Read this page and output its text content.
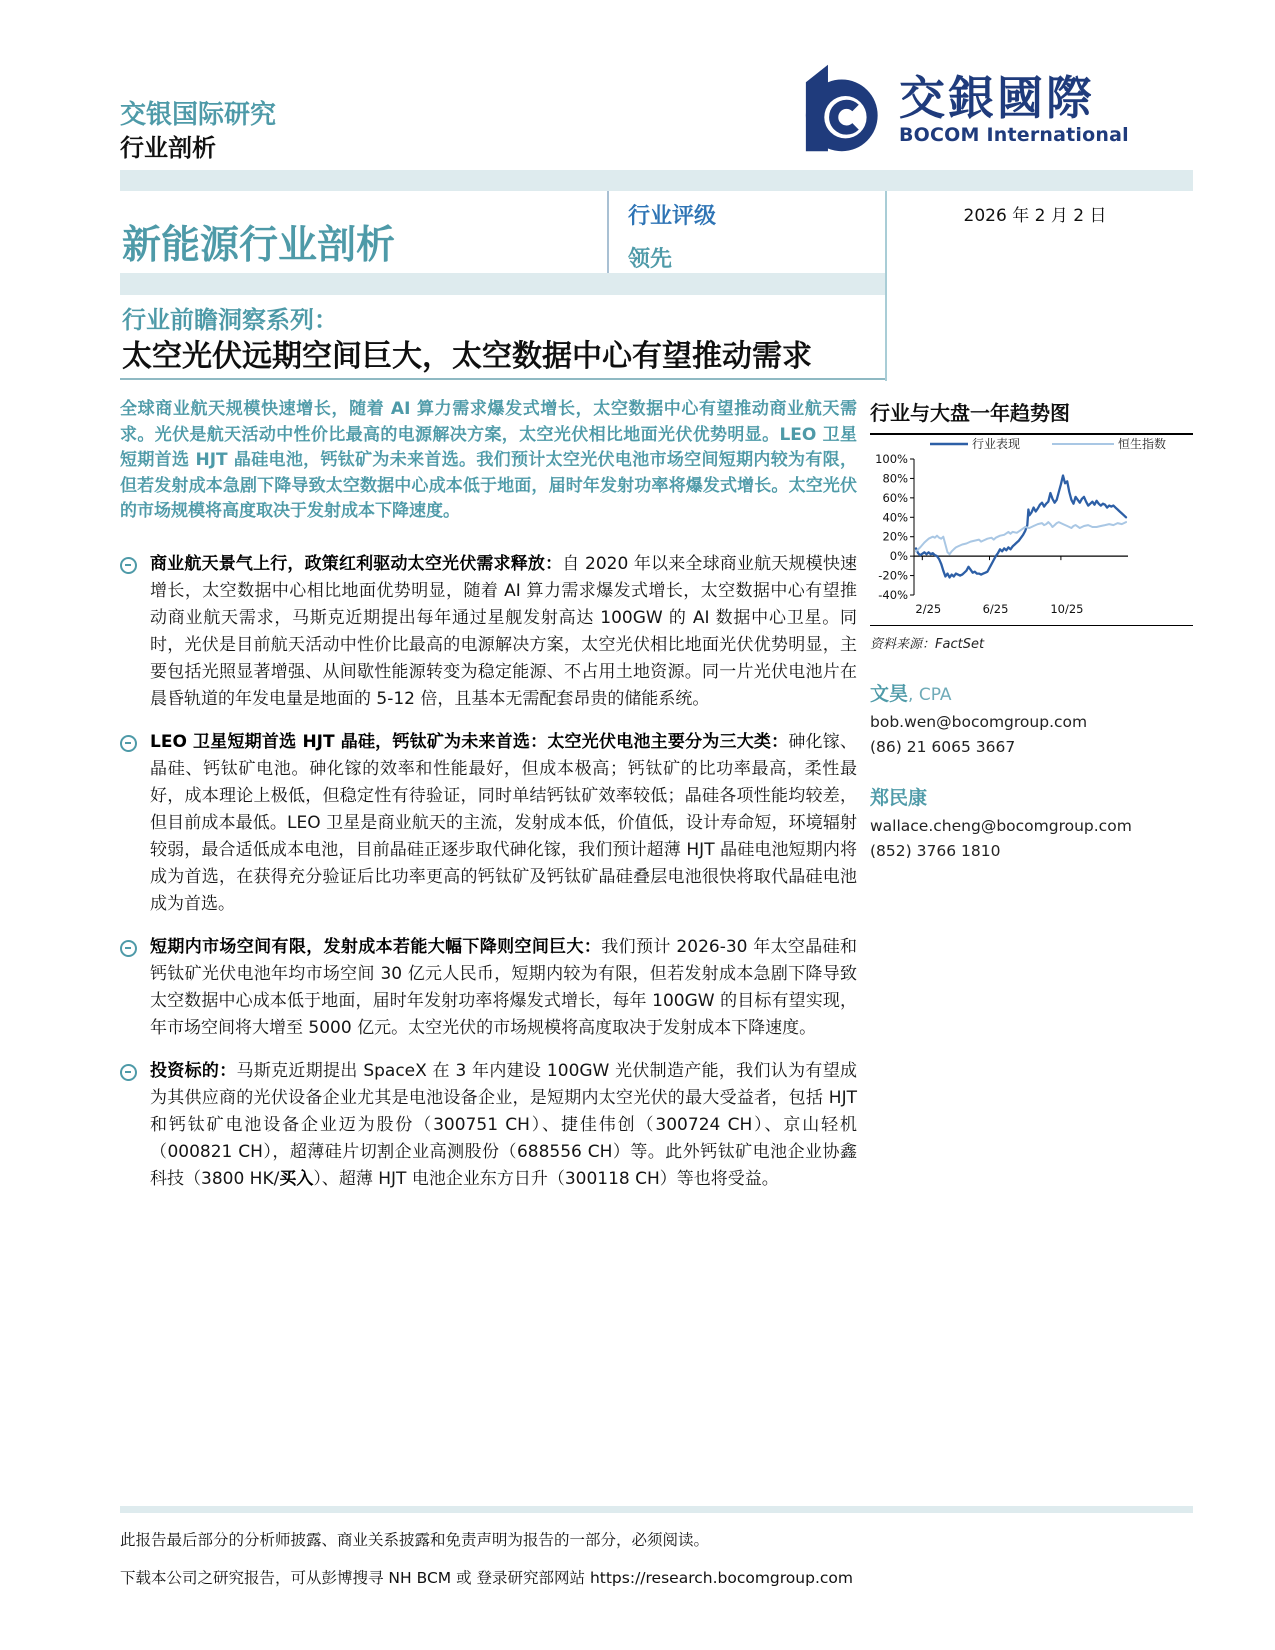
交银国际研究
行业剖析
交銀國際
BOCOM International
新能源行业剖析
行业评级
领先
2026 年 2 月 2 日
行业前瞻洞察系列：
太空光伏远期空间巨大，太空数据中心有望推动需求
全球商业航天规模快速增长，随着 AI 算力需求爆发式增长，太空数据中心有望推动商业航天需求。光伏是航天活动中性价比最高的电源解决方案，太空光伏相比地面光伏优势明显。LEO 卫星短期首选 HJT 晶硅电池，钙钛矿为未来首选。我们预计太空光伏电池市场空间短期内较为有限，但若发射成本急剧下降导致太空数据中心成本低于地面，届时年发射功率将爆发式增长。太空光伏的市场规模将高度取决于发射成本下降速度。
商业航天景气上行，政策红利驱动太空光伏需求释放：自 2020 年以来全球商业航天规模快速增长，太空数据中心相比地面优势明显，随着 AI 算力需求爆发式增长，太空数据中心有望推动商业航天需求，马斯克近期提出每年通过星舰发射高达 100GW 的 AI 数据中心卫星。同时，光伏是目前航天活动中性价比最高的电源解决方案，太空光伏相比地面光伏优势明显，主要包括光照显著增强、从间歇性能源转变为稳定能源、不占用土地资源。同一片光伏电池片在晨昏轨道的年发电量是地面的 5-12 倍，且基本无需配套昂贵的储能系统。
LEO 卫星短期首选 HJT 晶硅，钙钛矿为未来首选：太空光伏电池主要分为三大类：砷化镓、晶硅、钙钛矿电池。砷化镓的效率和性能最好，但成本极高；钙钛矿的比功率最高，柔性最好，成本理论上极低，但稳定性有待验证，同时单结钙钛矿效率较低；晶硅各项性能均较差，但目前成本最低。LEO 卫星是商业航天的主流，发射成本低，价值低，设计寿命短，环境辐射较弱，最合适低成本电池，目前晶硅正逐步取代砷化镓，我们预计超薄 HJT 晶硅电池短期内将成为首选，在获得充分验证后比功率更高的钙钛矿及钙钛矿晶硅叠层电池很快将取代晶硅电池成为首选。
短期内市场空间有限，发射成本若能大幅下降则空间巨大：我们预计 2026-30 年太空晶硅和钙钛矿光伏电池年均市场空间 30 亿元人民币，短期内较为有限，但若发射成本急剧下降导致太空数据中心成本低于地面，届时年发射功率将爆发式增长，每年 100GW 的目标有望实现，年市场空间将大增至 5000 亿元。太空光伏的市场规模将高度取决于发射成本下降速度。
投资标的：马斯克近期提出 SpaceX 在 3 年内建设 100GW 光伏制造产能，我们认为有望成为其供应商的光伏设备企业尤其是电池设备企业，是短期内太空光伏的最大受益者，包括 HJT 和钙钛矿电池设备企业迈为股份（300751 CH）、捷佳伟创（300724 CH）、京山轻机（000821 CH），超薄硅片切割企业高测股份（688556 CH）等。此外钙钛矿电池企业协鑫科技（3800 HK/买入）、超薄 HJT 电池企业东方日升（300118 CH）等也将受益。
行业与大盘一年趋势图
行业表现	恒生指数
100%
80%
60%
40%
20%
0%
-20%
-40%
2/25	6/25	10/25
资料来源：FactSet
文昊, CPA
bob.wen@bocomgroup.com
(86) 21 6065 3667
郑民康
wallace.cheng@bocomgroup.com
(852) 3766 1810
此报告最后部分的分析师披露、商业关系披露和免责声明为报告的一部分，必须阅读。
下载本公司之研究报告，可从彭博搜寻 NH BCM 或 登录研究部网站 https://research.bocomgroup.com
